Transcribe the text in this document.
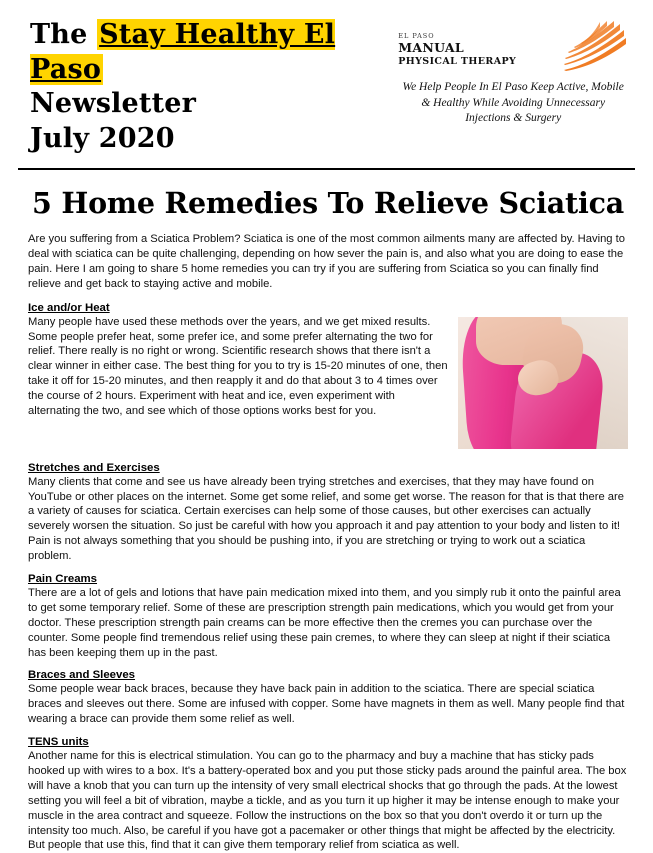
The Stay Healthy El Paso
Newsletter
July 2020
EL PASO
MANUAL
PHYSICAL THERAPY
We Help People In El Paso Keep Active, Mobile
& Healthy While Avoiding Unnecessary
Injections & Surgery
5 Home Remedies To Relieve Sciatica

Are you suffering from a Sciatica Problem? Sciatica is one of the most common ailments many are affected by. Having to deal with sciatica can be quite challenging, depending on how sever the pain is, and also what you are doing to ease the pain. Here I am going to share 5 home remedies you can try if you are suffering from Sciatica so you can finally find relieve and get back to staying active and mobile.

Ice and/or Heat

Many people have used these methods over the years, and we get mixed results. Some people prefer heat, some prefer ice, and some prefer alternating the two for relief. There really is no right or wrong. Scientific research shows that there isn't a clear winner in either case. The best thing for you to try is 15-20 minutes of one, then take it off for 15-20 minutes, and then reapply it and do that about 3 to 4 times over the course of 2 hours. Experiment with heat and ice, even experiment with alternating the two, and see which of those options works best for you.

Stretches and Exercises

Many clients that come and see us have already been trying stretches and exercises, that they may have found on YouTube or other places on the internet. Some get some relief, and some get worse. The reason for that is that there are a variety of causes for sciatica. Certain exercises can help some of those causes, but other exercises can actually severely worsen the situation. So just be careful with how you approach it and pay attention to your body and listen to it! Pain is not always something that you should be pushing into, if you are stretching or trying to work out a sciatica problem.

Pain Creams

There are a lot of gels and lotions that have pain medication mixed into them, and you simply rub it onto the painful area to get some temporary relief. Some of these are prescription strength pain medications, which you would get from your doctor. These prescription strength pain creams can be more effective then the cremes you can purchase over the counter. Some people find tremendous relief using these pain cremes, to where they can sleep at night if their sciatica has been keeping them up in the past.

Braces and Sleeves

Some people wear back braces, because they have back pain in addition to the sciatica. There are special sciatica braces and sleeves out there. Some are infused with copper. Some have magnets in them as well. Many people find that wearing a brace can provide them some relief as well.

TENS units

Another name for this is electrical stimulation. You can go to the pharmacy and buy a machine that has sticky pads hooked up with wires to a box. It's a battery-operated box and you put those sticky pads around the painful area. The box will have a knob that you can turn up the intensity of very small electrical shocks that go through the pads. At the lowest setting you will feel a bit of vibration, maybe a tickle, and as you turn it up higher it may be intense enough to make your muscle in the area contract and squeeze. Follow the instructions on the box so that you don't overdo it or turn up the intensity too much. Also, be careful if you have got a pacemaker or other things that might be affected by the electricity. But people that use this, find that it can give them temporary relief from sciatica as well.
